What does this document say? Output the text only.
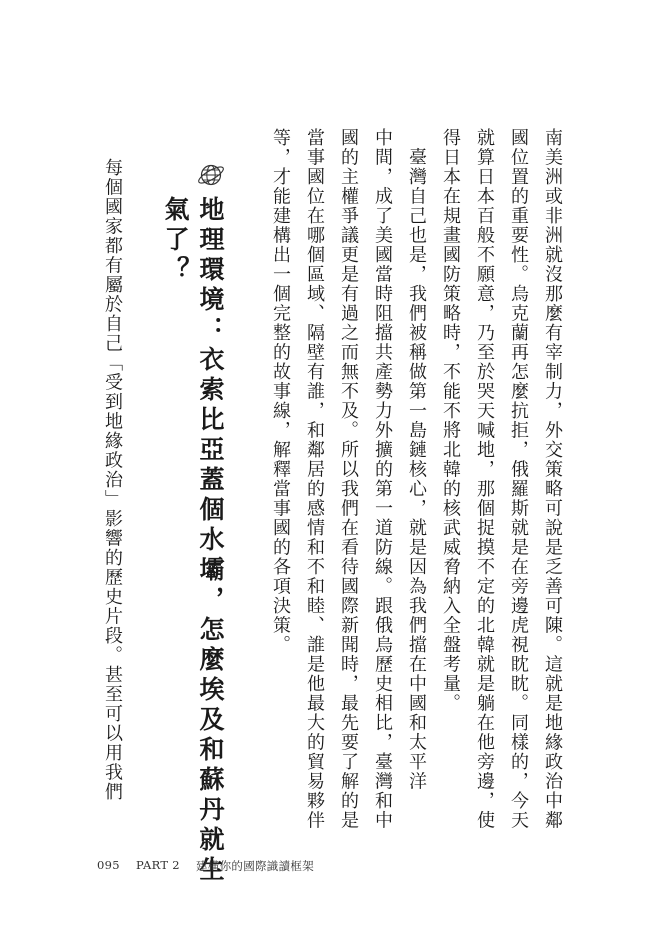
南美洲或非洲就沒那麼有宰制力，外交策略可說是乏善可陳。這就是地緣政治中鄰
國位置的重要性。烏克蘭再怎麼抗拒，俄羅斯就是在旁邊虎視眈眈。同樣的，今天
就算日本百般不願意，乃至於哭天喊地，那個捉摸不定的北韓就是躺在他旁邊，使
得日本在規畫國防策略時，不能不將北韓的核武威脅納入全盤考量。
　臺灣自己也是，我們被稱做第一島鏈核心，就是因為我們擋在中國和太平洋
中間，成了美國當時阻擋共產勢力外擴的第一道防線。跟俄烏歷史相比，臺灣和中
國的主權爭議更是有過之而無不及。所以我們在看待國際新聞時，最先要了解的是
當事國位在哪個區域、隔壁有誰，和鄰居的感情和不和睦、誰是他最大的貿易夥伴
等，才能建構出一個完整的故事線，解釋當事國的各項決策。
地理環境：衣索比亞蓋個水壩，怎麼埃及和蘇丹就生
氣了？
每個國家都有屬於自己「受到地緣政治」影響的歷史片段。甚至可以用我們
095 PART 2 建構你的國際識讀框架
